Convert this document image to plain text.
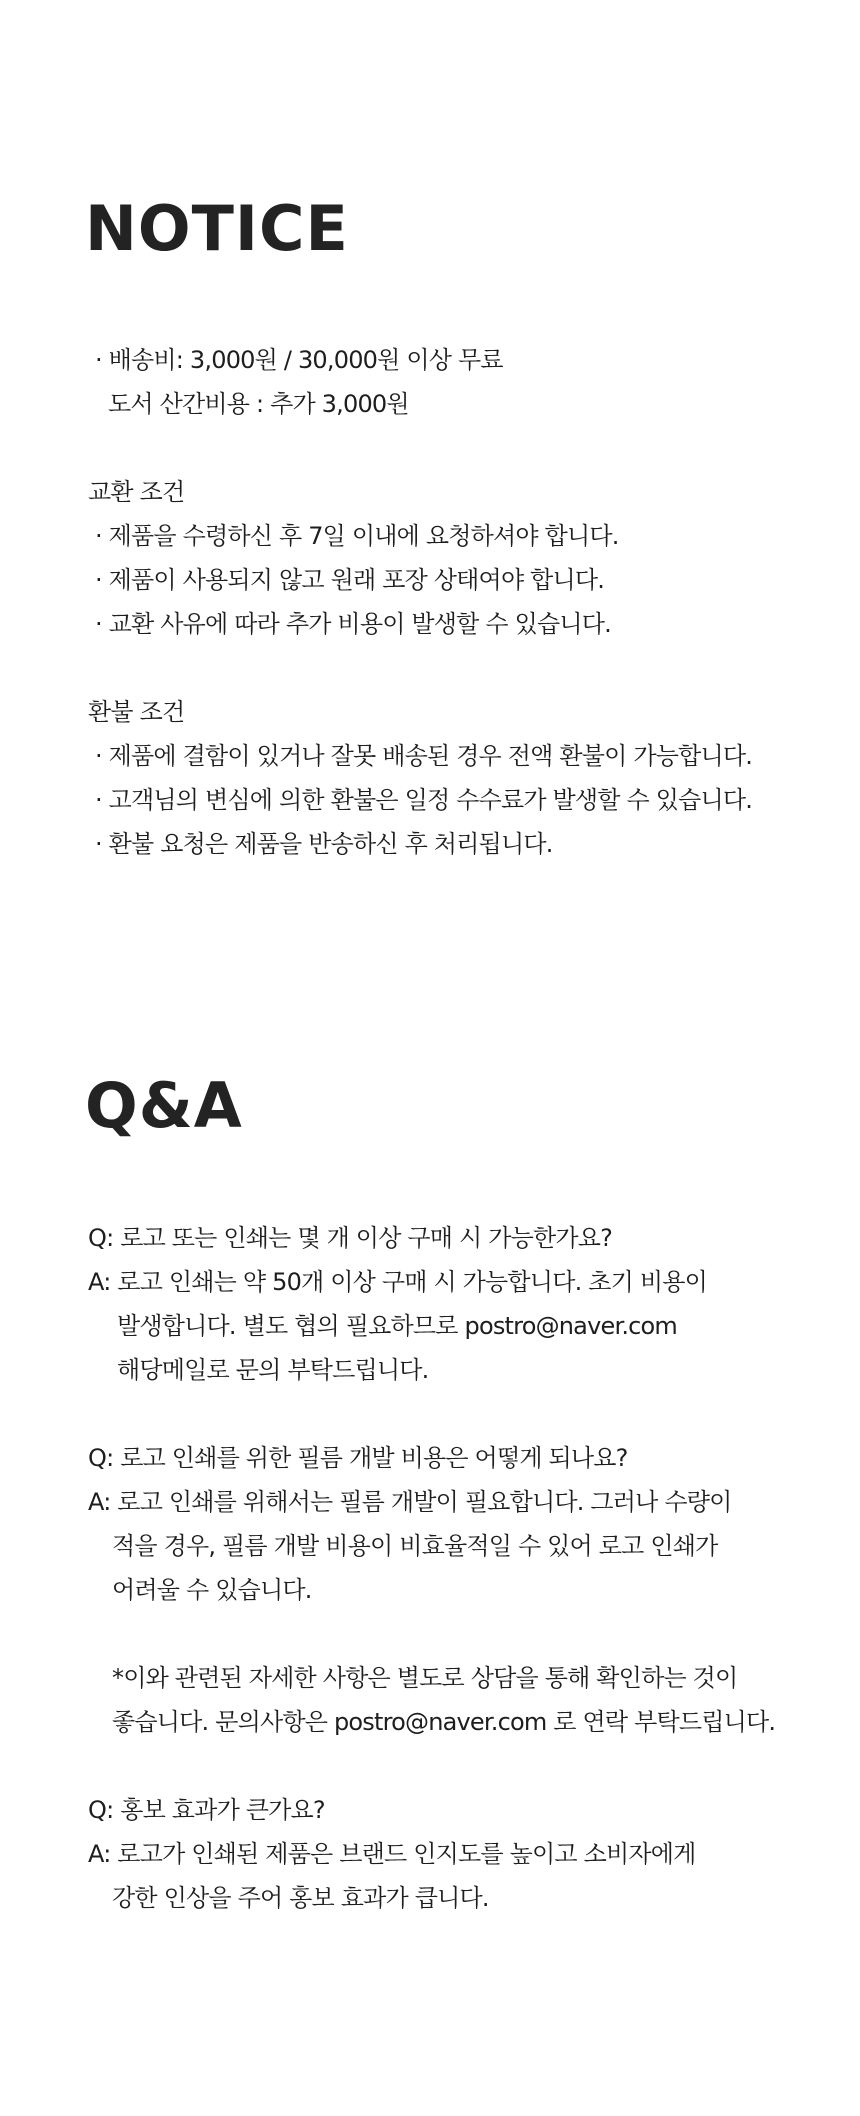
NOTICE
· 배송비: 3,000원 / 30,000원 이상 무료
도서 산간비용 : 추가 3,000원
교환 조건
· 제품을 수령하신 후 7일 이내에 요청하셔야 합니다.
· 제품이 사용되지 않고 원래 포장 상태여야 합니다.
· 교환 사유에 따라 추가 비용이 발생할 수 있습니다.
환불 조건
· 제품에 결함이 있거나 잘못 배송된 경우 전액 환불이 가능합니다.
· 고객님의 변심에 의한 환불은 일정 수수료가 발생할 수 있습니다.
· 환불 요청은 제품을 반송하신 후 처리됩니다.
Q&A
Q: 로고 또는 인쇄는 몇 개 이상 구매 시 가능한가요?
A: 로고 인쇄는 약 50개 이상 구매 시 가능합니다. 초기 비용이
발생합니다. 별도 협의 필요하므로 postro@naver.com
해당메일로 문의 부탁드립니다.
Q: 로고 인쇄를 위한 필름 개발 비용은 어떻게 되나요?
A: 로고 인쇄를 위해서는 필름 개발이 필요합니다. 그러나 수량이
적을 경우, 필름 개발 비용이 비효율적일 수 있어 로고 인쇄가
어려울 수 있습니다.
*이와 관련된 자세한 사항은 별도로 상담을 통해 확인하는 것이
좋습니다. 문의사항은 postro@naver.com 로 연락 부탁드립니다.
Q: 홍보 효과가 큰가요?
A: 로고가 인쇄된 제품은 브랜드 인지도를 높이고 소비자에게
강한 인상을 주어 홍보 효과가 큽니다.
